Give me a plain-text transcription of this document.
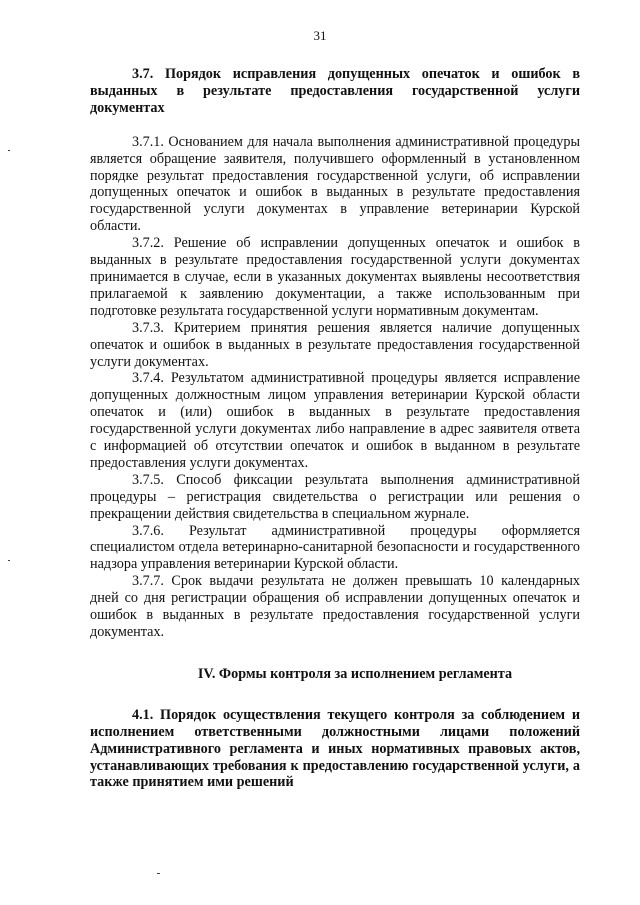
31

3.7. Порядок исправления допущенных опечаток и ошибок в выданных в результате предоставления государственной услуги документах

3.7.1. Основанием для начала выполнения административной процедуры является обращение заявителя, получившего оформленный в установленном порядке результат предоставления государственной услуги, об исправлении допущенных опечаток и ошибок в выданных в результате предоставления государственной услуги документах в управление ветеринарии Курской области.

3.7.2. Решение об исправлении допущенных опечаток и ошибок в выданных в результате предоставления государственной услуги документах принимается в случае, если в указанных документах выявлены несоответствия прилагаемой к заявлению документации, а также использованным при подготовке результата государственной услуги нормативным документам.

3.7.3. Критерием принятия решения является наличие допущенных опечаток и ошибок в выданных в результате предоставления государственной услуги документах.

3.7.4. Результатом административной процедуры является исправление допущенных должностным лицом управления ветеринарии Курской области опечаток и (или) ошибок в выданных в результате предоставления государственной услуги документах либо направление в адрес заявителя ответа с информацией об отсутствии опечаток и ошибок в выданном в результате предоставления услуги документах.

3.7.5. Способ фиксации результата выполнения административной процедуры – регистрация свидетельства о регистрации или решения о прекращении действия свидетельства в специальном журнале.

3.7.6. Результат административной процедуры оформляется специалистом отдела ветеринарно-санитарной безопасности и государственного надзора управления ветеринарии Курской области.

3.7.7. Срок выдачи результата не должен превышать 10 календарных дней со дня регистрации обращения об исправлении допущенных опечаток и ошибок в выданных в результате предоставления государственной услуги документах.

IV. Формы контроля за исполнением регламента

4.1. Порядок осуществления текущего контроля за соблюдением и исполнением ответственными должностными лицами положений Административного регламента и иных нормативных правовых актов, устанавливающих требования к предоставлению государственной услуги, а также принятием ими решений
